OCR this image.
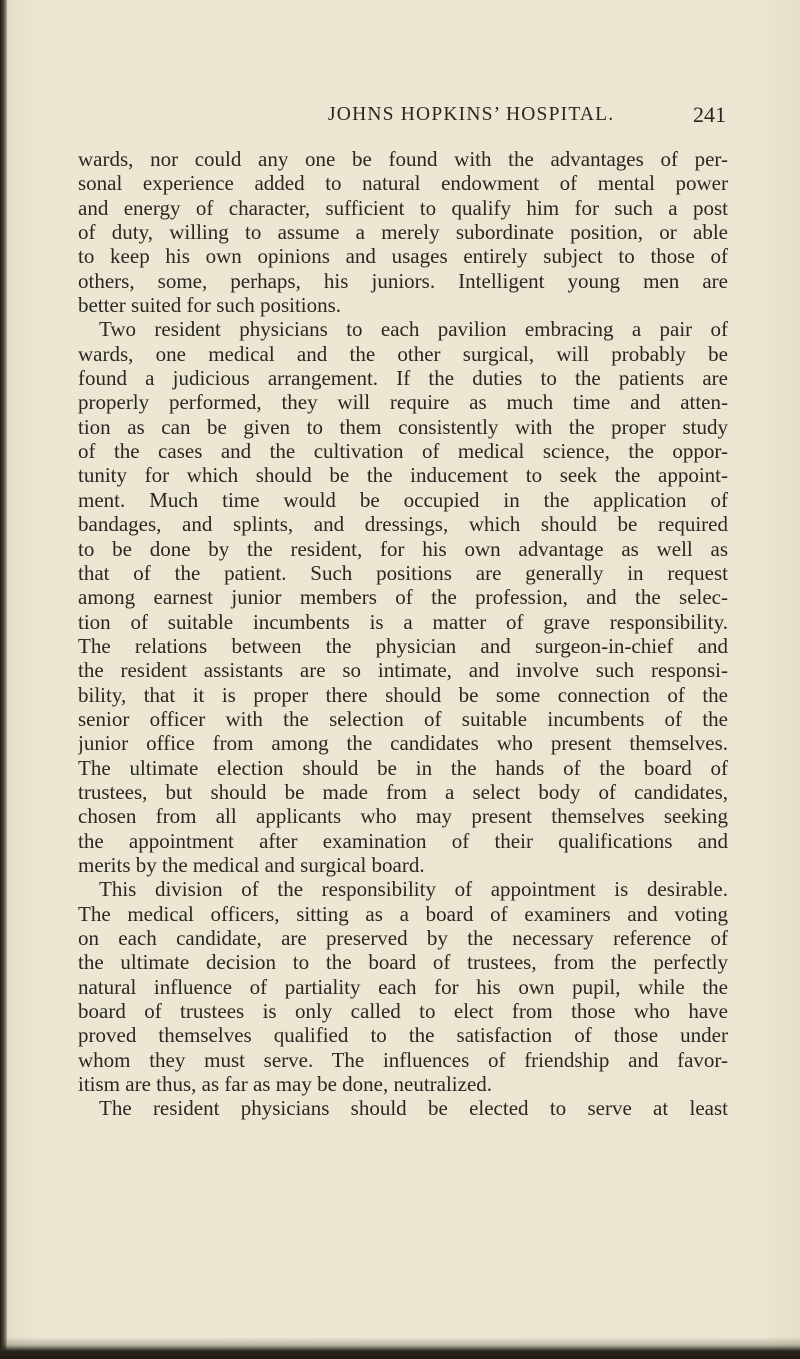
JOHNS HOPKINS’ HOSPITAL.	241
wards, nor could any one be found with the advantages of per-
sonal experience added to natural endowment of mental power
and energy of character, sufficient to qualify him for such a post
of duty, willing to assume a merely subordinate position, or able
to keep his own opinions and usages entirely subject to those of
others, some, perhaps, his juniors. Intelligent young men are
better suited for such positions.
Two resident physicians to each pavilion embracing a pair of
wards, one medical and the other surgical, will probably be
found a judicious arrangement. If the duties to the patients are
properly performed, they will require as much time and atten-
tion as can be given to them consistently with the proper study
of the cases and the cultivation of medical science, the oppor-
tunity for which should be the inducement to seek the appoint-
ment. Much time would be occupied in the application of
bandages, and splints, and dressings, which should be required
to be done by the resident, for his own advantage as well as
that of the patient. Such positions are generally in request
among earnest junior members of the profession, and the selec-
tion of suitable incumbents is a matter of grave responsibility.
The relations between the physician and surgeon-in-chief and
the resident assistants are so intimate, and involve such responsi-
bility, that it is proper there should be some connection of the
senior officer with the selection of suitable incumbents of the
junior office from among the candidates who present themselves.
The ultimate election should be in the hands of the board of
trustees, but should be made from a select body of candidates,
chosen from all applicants who may present themselves seeking
the appointment after examination of their qualifications and
merits by the medical and surgical board.
This division of the responsibility of appointment is desirable.
The medical officers, sitting as a board of examiners and voting
on each candidate, are preserved by the necessary reference of
the ultimate decision to the board of trustees, from the perfectly
natural influence of partiality each for his own pupil, while the
board of trustees is only called to elect from those who have
proved themselves qualified to the satisfaction of those under
whom they must serve. The influences of friendship and favor-
itism are thus, as far as may be done, neutralized.
The resident physicians should be elected to serve at least
